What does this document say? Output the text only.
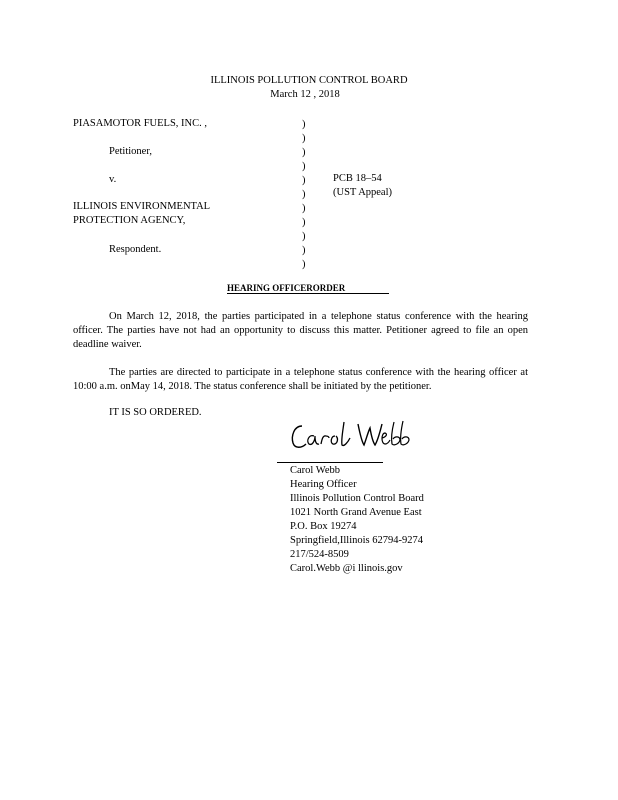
ILLINOIS POLLUTION CONTROL BOARD
March 12 , 2018
PIASAMOTOR FUELS, INC. ,
Petitioner,
v.
ILLINOIS ENVIRONMENTAL
PROTECTION AGENCY,
Respondent.
)
)
)
)
)
)
)
)
)
)
)
PCB 18–54
(UST Appeal)
HEARING OFFICERORDER
On March 12, 2018, the parties participated in a telephone status conference with the hearing officer. The parties have not had an opportunity to discuss this matter. Petitioner agreed to file an open deadline waiver.
The parties are directed to participate in a telephone status conference with the hearing officer at 10:00 a.m. onMay 14, 2018. The status conference shall be initiated by the petitioner.
IT IS SO ORDERED.
Carol Webb
Hearing Officer
Illinois Pollution Control Board
1021 North Grand Avenue East
P.O. Box 19274
Springfield,Illinois 62794-9274
217/524-8509
Carol.Webb @i llinois.gov
